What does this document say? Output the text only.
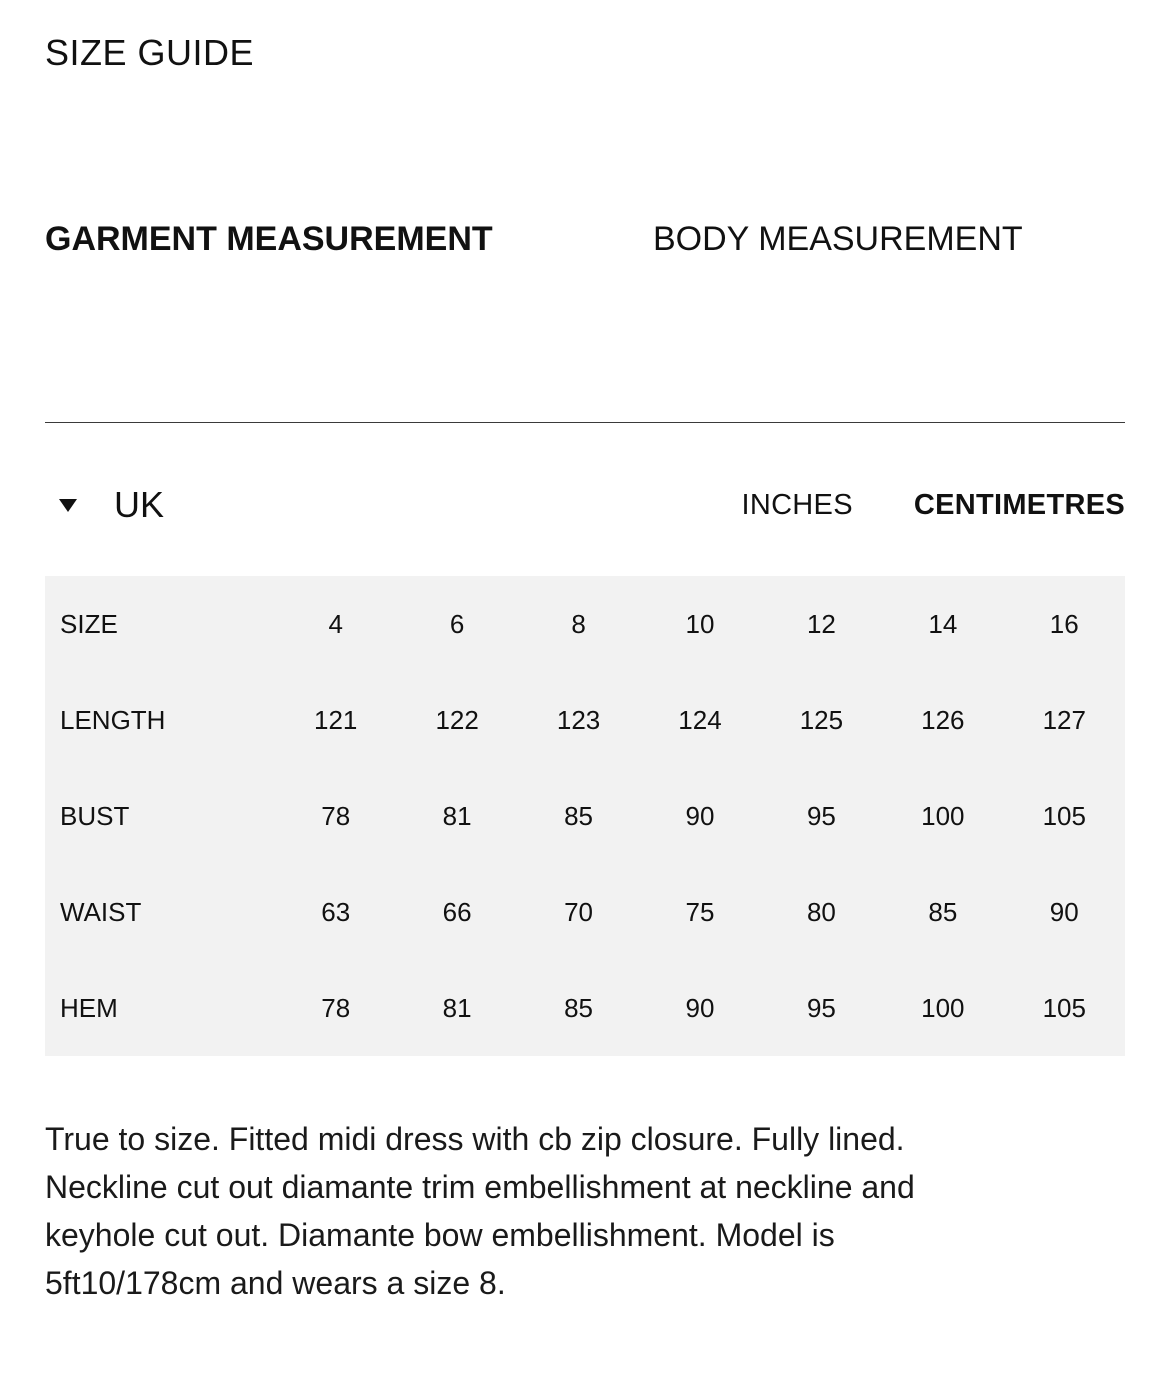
SIZE GUIDE
GARMENT MEASUREMENT	BODY MEASUREMENT
UK	INCHES CENTIMETRES
SIZE	4	6	8	10	12	14	16
LENGTH	121	122	123	124	125	126	127
BUST	78	81	85	90	95	100	105
WAIST	63	66	70	75	80	85	90
HEM	78	81	85	90	95	100	105
True to size. Fitted midi dress with cb zip closure. Fully lined. Neckline cut out diamante trim embellishment at neckline and keyhole cut out. Diamante bow embellishment. Model is 5ft10/178cm and wears a size 8.
